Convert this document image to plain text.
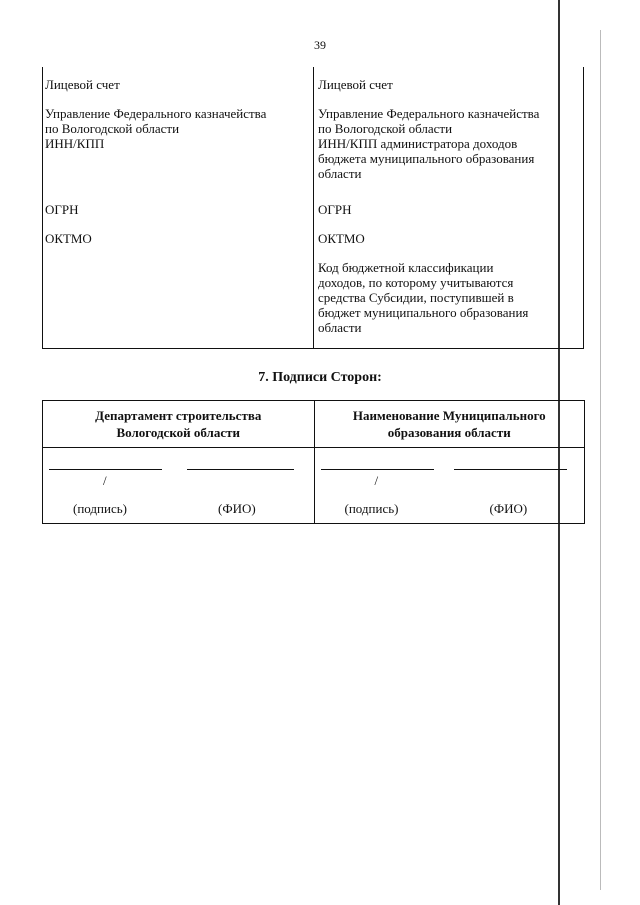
39
Лицевой счет
Управление Федерального казначейства
по Вологодской области
ИНН/КПП
ОГРН
ОКТМО
Лицевой счет
Управление Федерального казначейства
по Вологодской области
ИНН/КПП администратора доходов
бюджета муниципального образования
области
ОГРН
ОКТМО
Код бюджетной классификации
доходов, по которому учитываются
средства Субсидии, поступившей в
бюджет муниципального образования
области
7. Подписи Сторон:
Департамент строительства
Вологодской области
/
(подпись)	(ФИО)
Наименование Муниципального
образования области
/
(подпись)	(ФИО)
